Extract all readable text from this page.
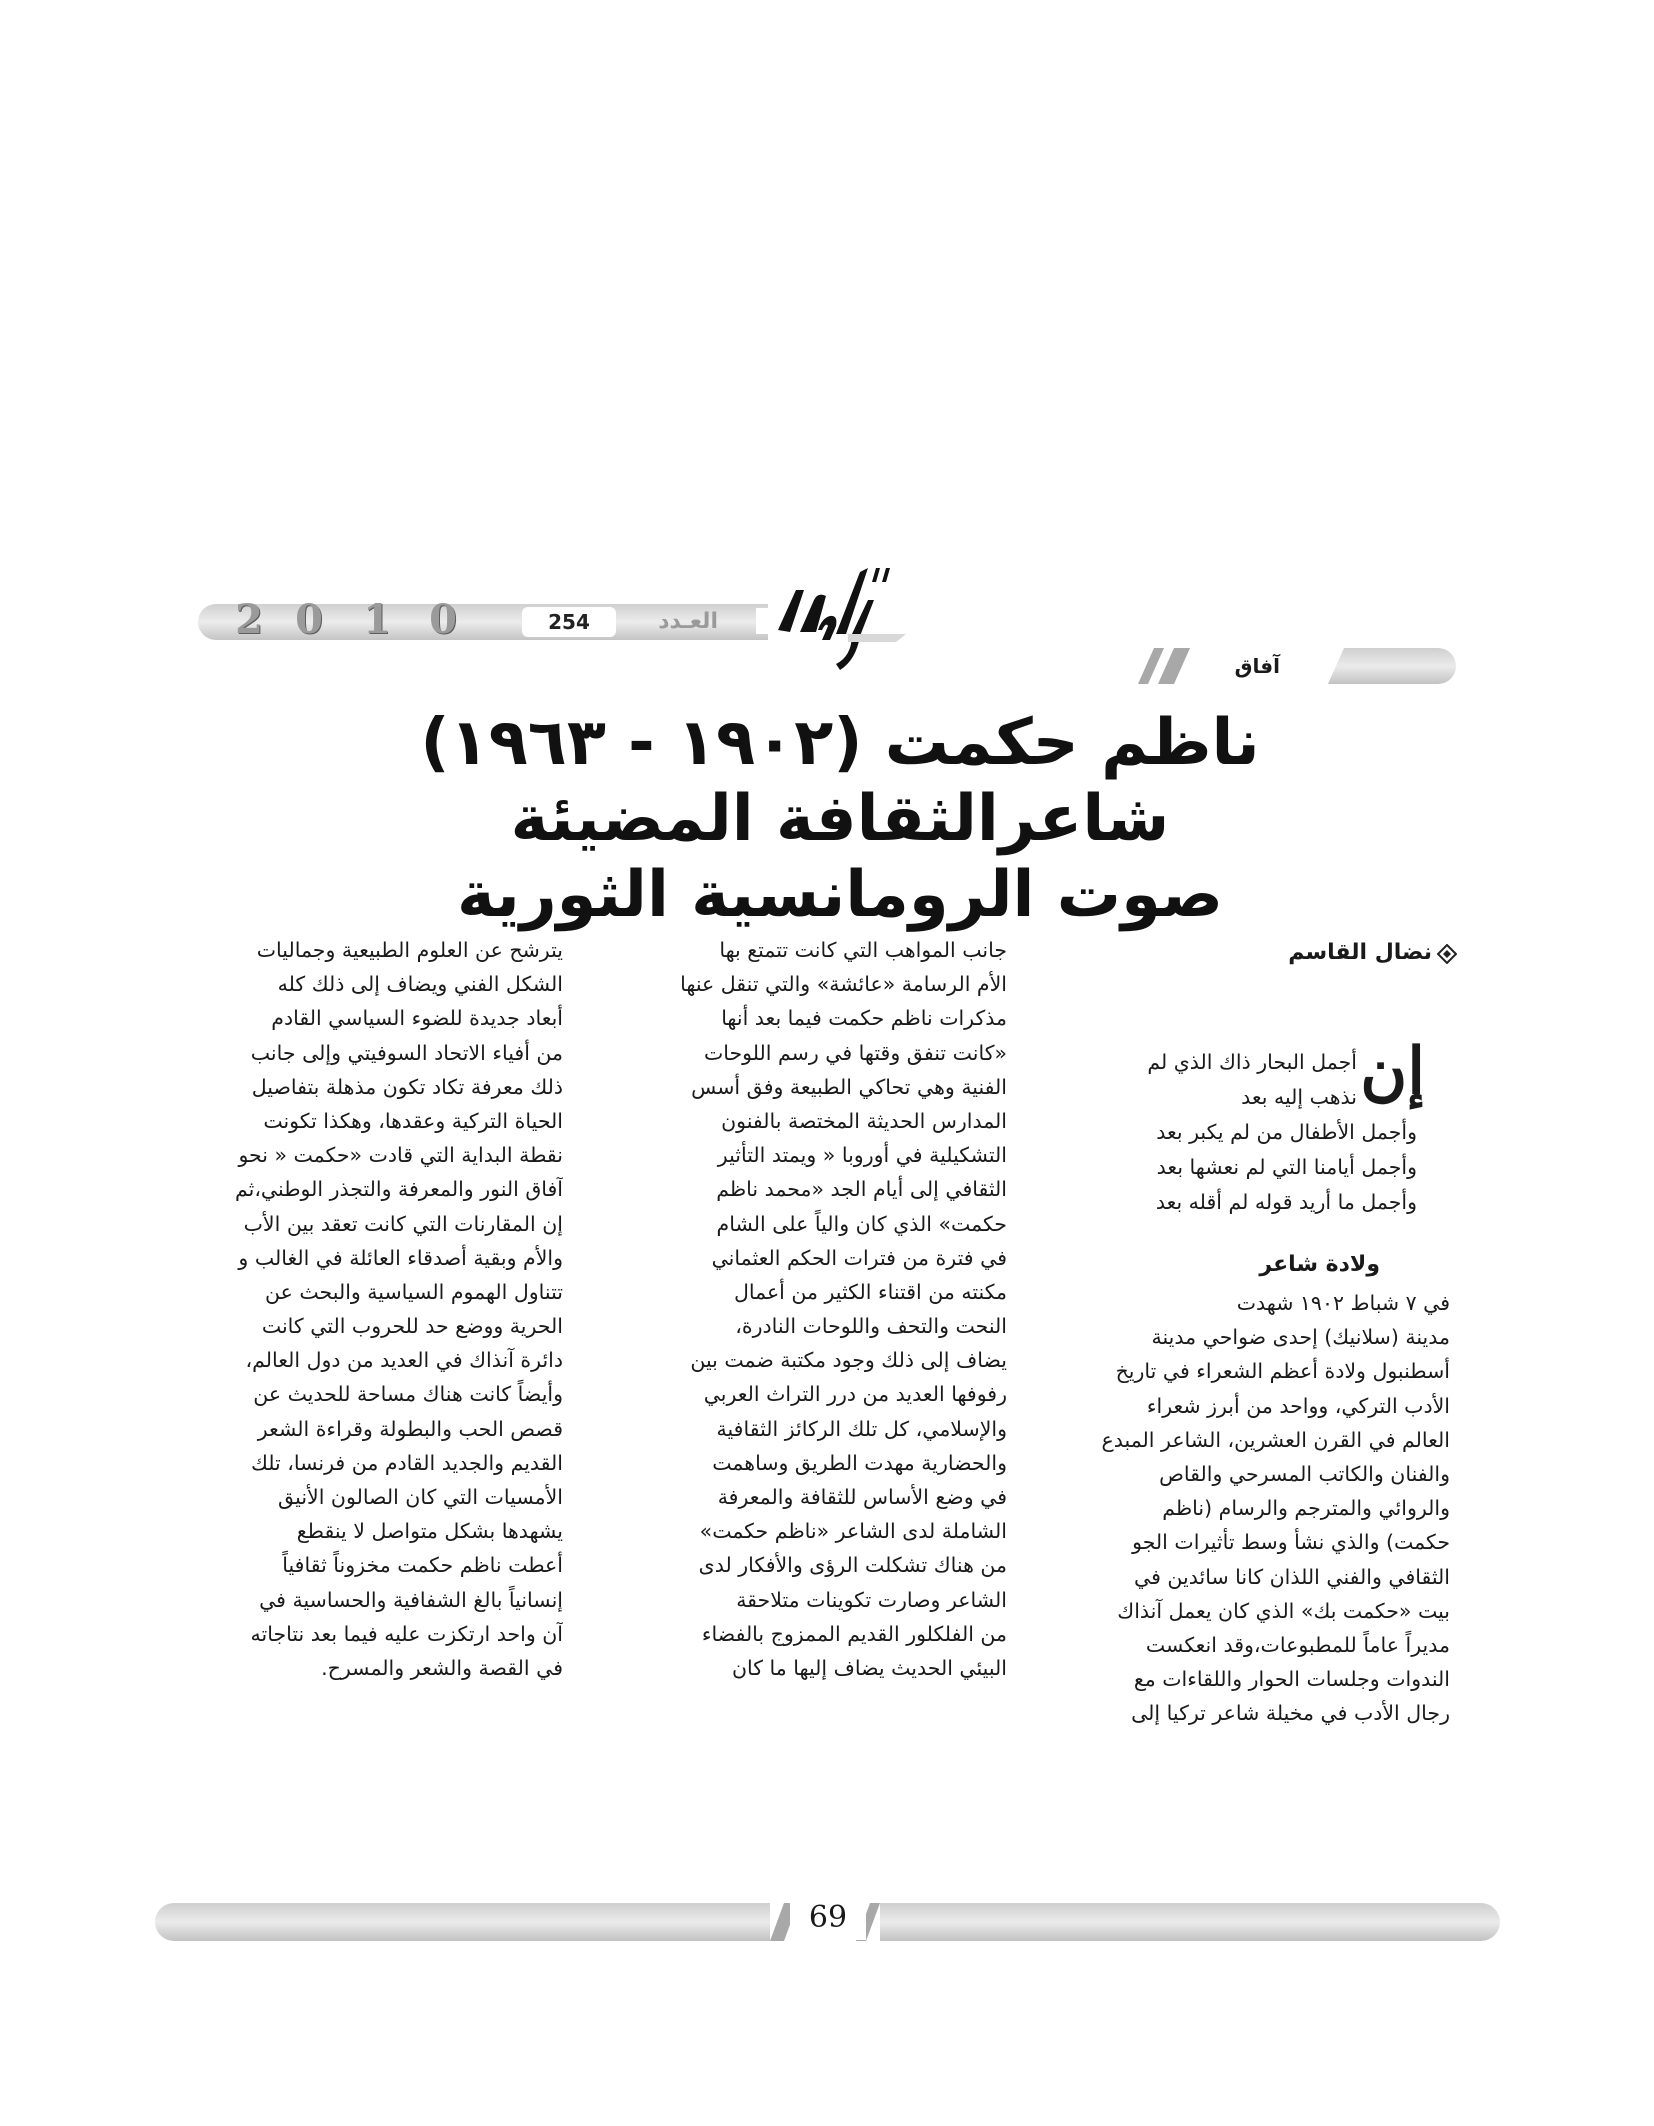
2 0 1 0	254	العـدد
آفاق
ناظم حكمت (١٩٠٢ - ١٩٦٣)
شاعرالثقافة المضيئة
صوت الرومانسية الثورية
نضال القاسم
إن
أجمل البحار ذاك الذي لم
نذهب إليه بعد
وأجمل الأطفال من لم يكبر بعد
وأجمل أيامنا التي لم نعشها بعد
وأجمل ما أريد قوله لم أقله بعد
ولادة شاعر
في ٧ شباط ١٩٠٢ شهدت
مدينة (سلانيك) إحدى ضواحي مدينة
أسطنبول ولادة أعظم الشعراء في تاريخ
الأدب التركي، وواحد من أبرز شعراء
العالم في القرن العشرين، الشاعر المبدع
والفنان والكاتب المسرحي والقاص
والروائي والمترجم والرسام (ناظم
حكمت) والذي نشأ وسط تأثيرات الجو
الثقافي والفني اللذان كانا سائدين في
بيت «حكمت بك» الذي كان يعمل آنذاك
مديراً عاماً للمطبوعات،وقد انعكست
الندوات وجلسات الحوار واللقاءات مع
رجال الأدب في مخيلة شاعر تركيا إلى
جانب المواهب التي كانت تتمتع بها
الأم الرسامة «عائشة» والتي تنقل عنها
مذكرات ناظم حكمت فيما بعد أنها
«كانت تنفق وقتها في رسم اللوحات
الفنية وهي تحاكي الطبيعة وفق أسس
المدارس الحديثة المختصة بالفنون
التشكيلية في أوروبا « ويمتد التأثير
الثقافي إلى أيام الجد «محمد ناظم
حكمت» الذي كان والياً على الشام
في فترة من فترات الحكم العثماني
مكنته من اقتناء الكثير من أعمال
النحت والتحف واللوحات النادرة،
يضاف إلى ذلك وجود مكتبة ضمت بين
رفوفها العديد من درر التراث العربي
والإسلامي، كل تلك الركائز الثقافية
والحضارية مهدت الطريق وساهمت
في وضع الأساس للثقافة والمعرفة
الشاملة لدى الشاعر «ناظم حكمت»
من هناك تشكلت الرؤى والأفكار لدى
الشاعر وصارت تكوينات متلاحقة
من الفلكلور القديم الممزوج بالفضاء
البيئي الحديث يضاف إليها ما كان
يترشح عن العلوم الطبيعية وجماليات
الشكل الفني ويضاف إلى ذلك كله
أبعاد جديدة للضوء السياسي القادم
من أفياء الاتحاد السوفيتي وإلى جانب
ذلك معرفة تكاد تكون مذهلة بتفاصيل
الحياة التركية وعقدها، وهكذا تكونت
نقطة البداية التي قادت «حكمت « نحو
آفاق النور والمعرفة والتجذر الوطني،ثم
إن المقارنات التي كانت تعقد بين الأب
والأم وبقية أصدقاء العائلة في الغالب و
تتناول الهموم السياسية والبحث عن
الحرية ووضع حد للحروب التي كانت
دائرة آنذاك في العديد من دول العالم،
وأيضاً كانت هناك مساحة للحديث عن
قصص الحب والبطولة وقراءة الشعر
القديم والجديد القادم من فرنسا، تلك
الأمسيات التي كان الصالون الأنيق
يشهدها بشكل متواصل لا ينقطع
أعطت ناظم حكمت مخزوناً ثقافياً
إنسانياً بالغ الشفافية والحساسية في
آن واحد ارتكزت عليه فيما بعد نتاجاته
في القصة والشعر والمسرح.
69
